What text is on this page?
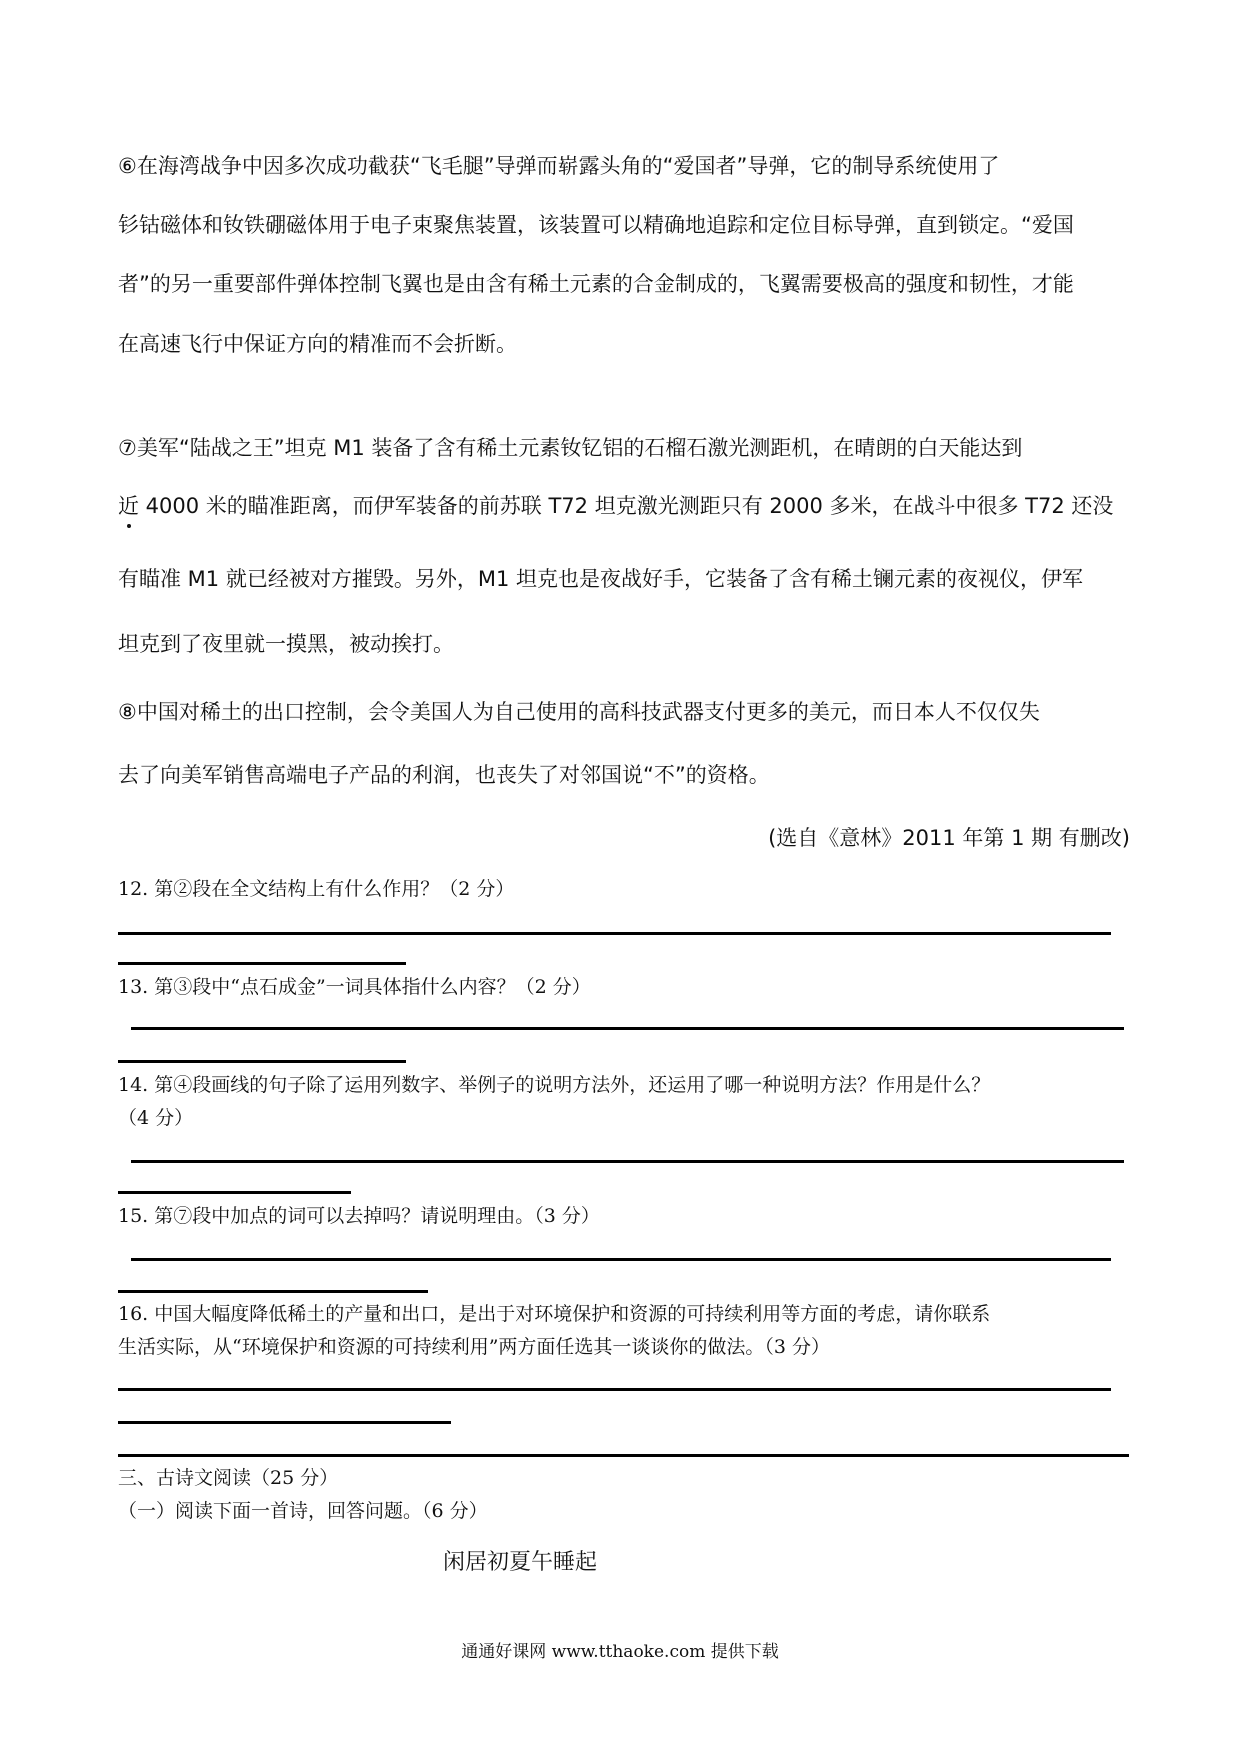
⑥在海湾战争中因多次成功截获“飞毛腿”导弹而崭露头角的“爱国者”导弹，它的制导系统使用了
钐钴磁体和钕铁硼磁体用于电子束聚焦装置，该装置可以精确地追踪和定位目标导弹，直到锁定。“爱国
者”的另一重要部件弹体控制飞翼也是由含有稀土元素的合金制成的，飞翼需要极高的强度和韧性，才能
在高速飞行中保证方向的精准而不会折断。
⑦美军“陆战之王”坦克 M1 装备了含有稀土元素钕钇铝的石榴石激光测距机，在晴朗的白天能达到
近 4000 米的瞄准距离，而伊军装备的前苏联 T72 坦克激光测距只有 2000 多米，在战斗中很多 T72 还没
有瞄准 M1 就已经被对方摧毁。另外，M1 坦克也是夜战好手，它装备了含有稀土镧元素的夜视仪，伊军
坦克到了夜里就一摸黑，被动挨打。
⑧中国对稀土的出口控制，会令美国人为自己使用的高科技武器支付更多的美元，而日本人不仅仅失
去了向美军销售高端电子产品的利润，也丧失了对邻国说“不”的资格。
(选自《意林》2011 年第 1 期 有删改)
12. 第②段在全文结构上有什么作用？（2 分）
13. 第③段中“点石成金”一词具体指什么内容？（2 分）
14. 第④段画线的句子除了运用列数字、举例子的说明方法外，还运用了哪一种说明方法？作用是什么？
（4 分）
15. 第⑦段中加点的词可以去掉吗？请说明理由。（3 分）
16. 中国大幅度降低稀土的产量和出口，是出于对环境保护和资源的可持续利用等方面的考虑，请你联系
生活实际，从“环境保护和资源的可持续利用”两方面任选其一谈谈你的做法。（3 分）
三、古诗文阅读（25 分）
（一）阅读下面一首诗，回答问题。（6 分）
闲居初夏午睡起
通通好课网 www.tthaoke.com 提供下载
